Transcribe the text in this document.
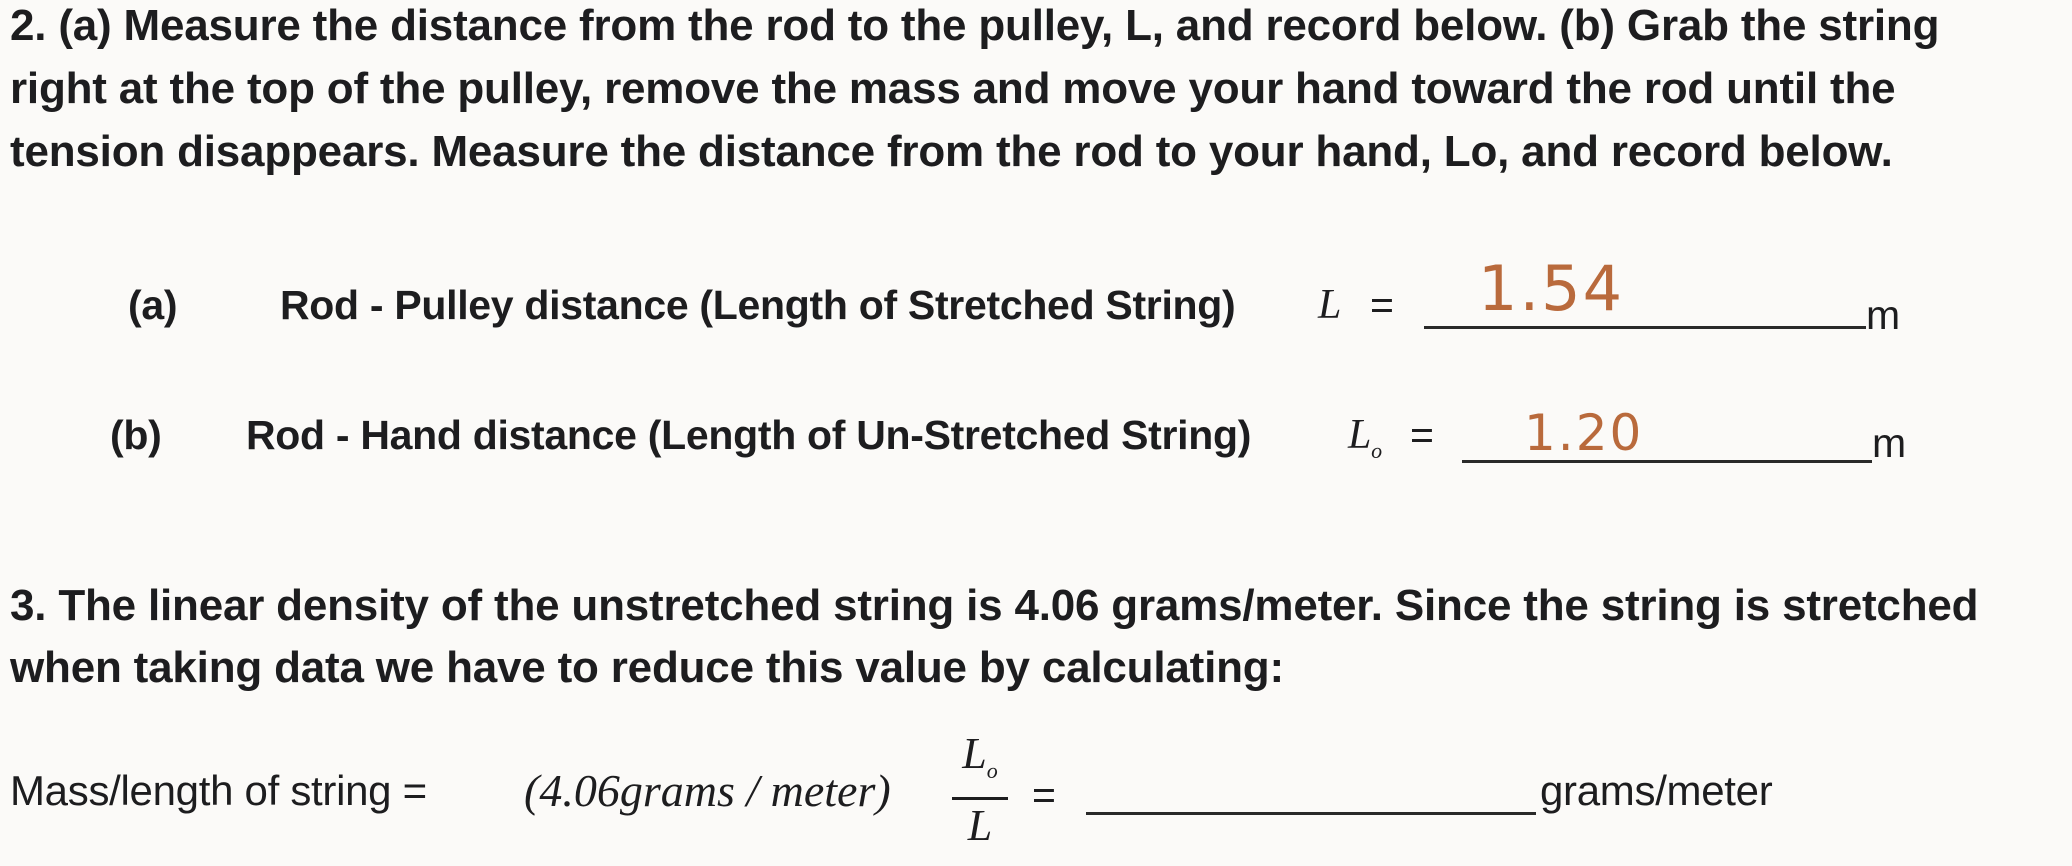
2. (a) Measure the distance from the rod to the pulley, L, and record below. (b) Grab the string
right at the top of the pulley, remove the mass and move your hand toward the rod until the
tension disappears. Measure the distance from the rod to your hand, Lo, and record below.
(a)	Rod - Pulley distance (Length of Stretched String) L = 1.54	m
(b) Rod - Hand distance (Length of Un-Stretched String) $L_o = 1.20$	m
3. The linear density of the unstretched string is 4.06 grams/meter. Since the string is stretched
when taking data we have to reduce this value by calculating:
Mass/length of string = (4.06grams / meter)
$L_o$
L
=	grams/meter
